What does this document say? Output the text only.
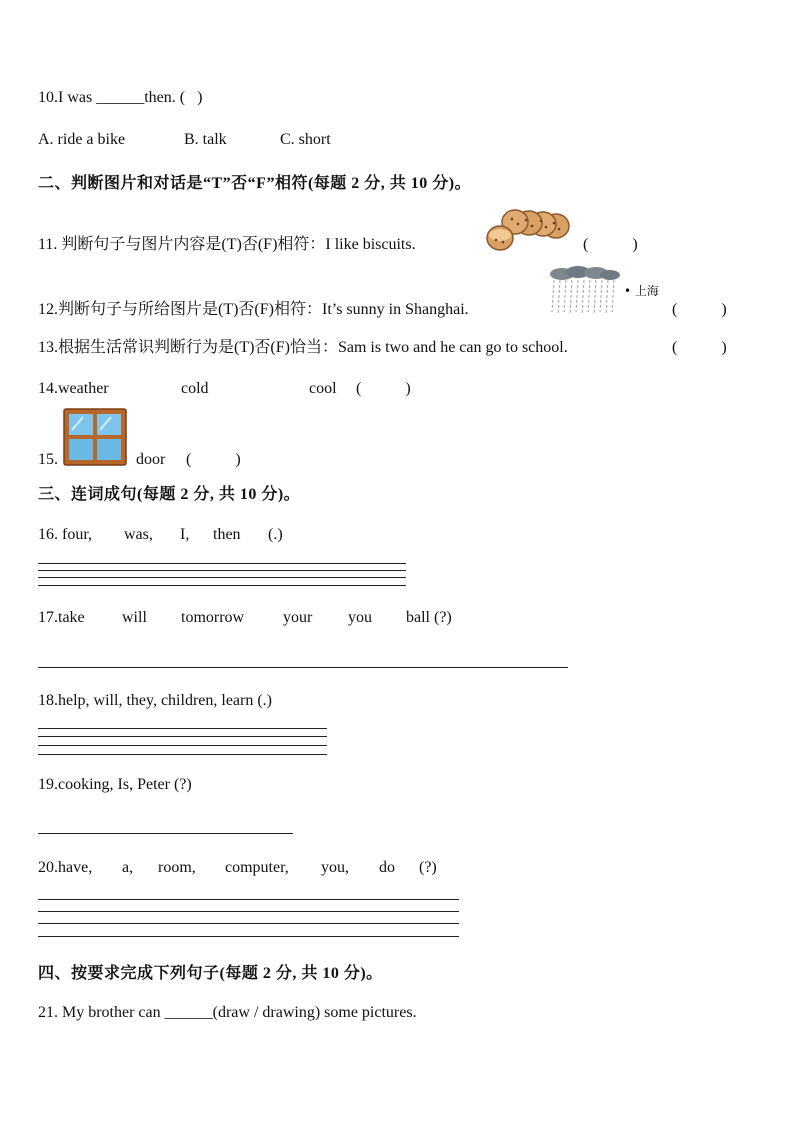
10.I was ______then. (   )
A. ride a bike	B. talk	C. short
二、判断图片和对话是“T”否“F”相符(每题 2 分, 共 10 分)。
11. 判断句子与图片内容是(T)否(F)相符：I like biscuits.	(           )
12.判断句子与所给图片是(T)否(F)相符：It’s sunny in Shanghai.
• 上海
(           )
13.根据生活常识判断行为是(T)否(F)恰当：Sam is two and he can go to school.	(           )
14.weather	cold	cool (           )
15.	door (           )
三、连词成句(每题 2 分, 共 10 分)。
16. four, was, I, then (.)
17.take will tomorrow your you ball (?)
18.help, will, they, children, learn (.)
19.cooking, Is, Peter (?)
20.have, a, room, computer, you, do (?)
四、按要求完成下列句子(每题 2 分, 共 10 分)。
21. My brother can ______(draw / drawing) some pictures.
